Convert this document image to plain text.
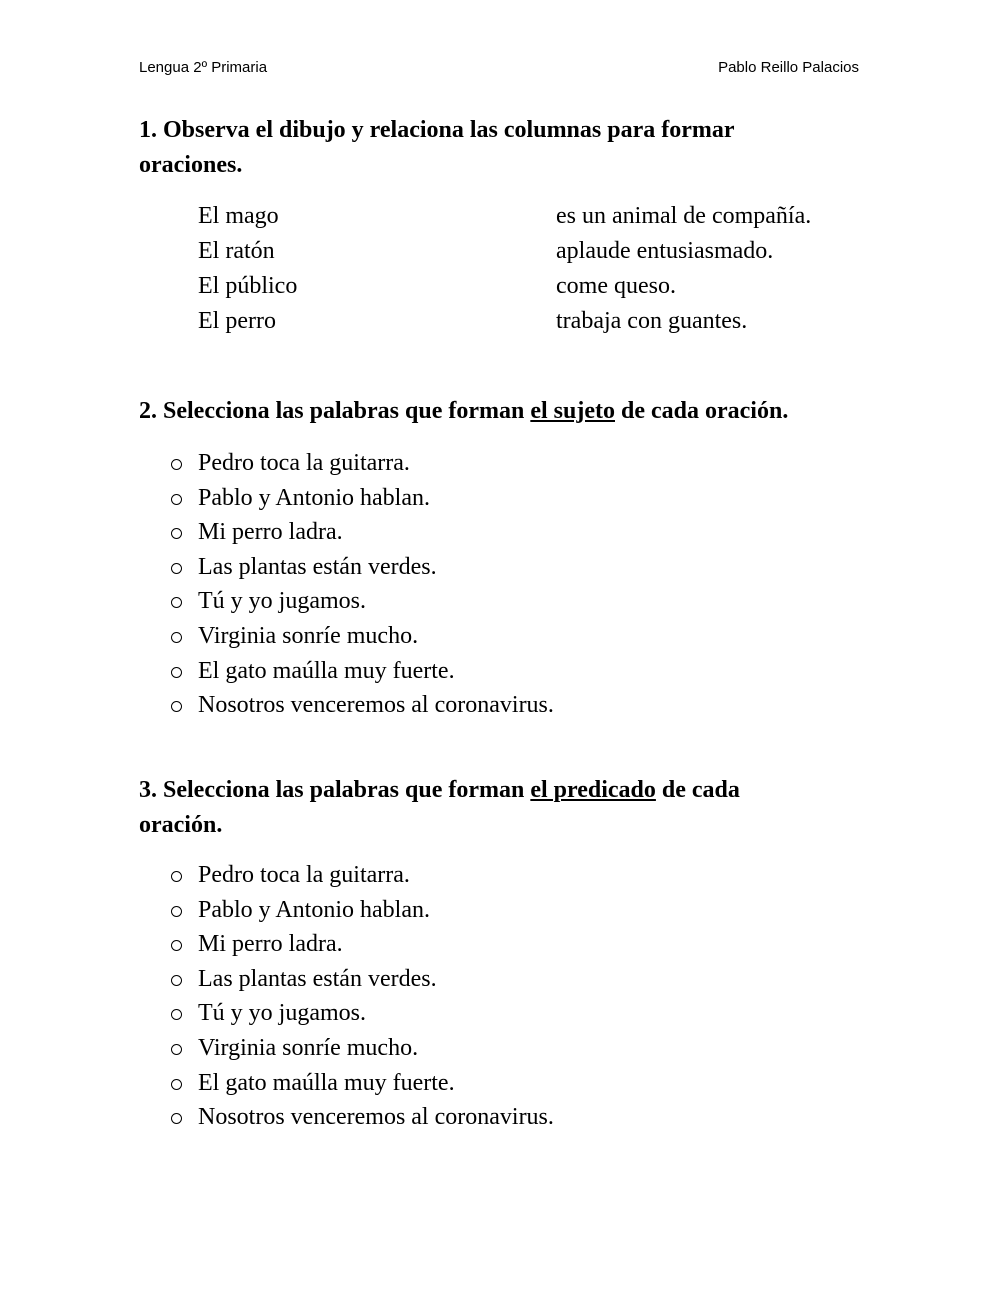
Lengua 2º Primaria	Pablo Reillo Palacios
1. Observa el dibujo y relaciona las columnas para formar
oraciones.
El mago	es un animal de compañía.
El ratón	aplaude entusiasmado.
El público	come queso.
El perro	trabaja con guantes.
2. Selecciona las palabras que forman el sujeto de cada oración.
Pedro toca la guitarra.
Pablo y Antonio hablan.
Mi perro ladra.
Las plantas están verdes.
Tú y yo jugamos.
Virginia sonríe mucho.
El gato maúlla muy fuerte.
Nosotros venceremos al coronavirus.
3. Selecciona las palabras que forman el predicado de cada
oración.
Pedro toca la guitarra.
Pablo y Antonio hablan.
Mi perro ladra.
Las plantas están verdes.
Tú y yo jugamos.
Virginia sonríe mucho.
El gato maúlla muy fuerte.
Nosotros venceremos al coronavirus.
